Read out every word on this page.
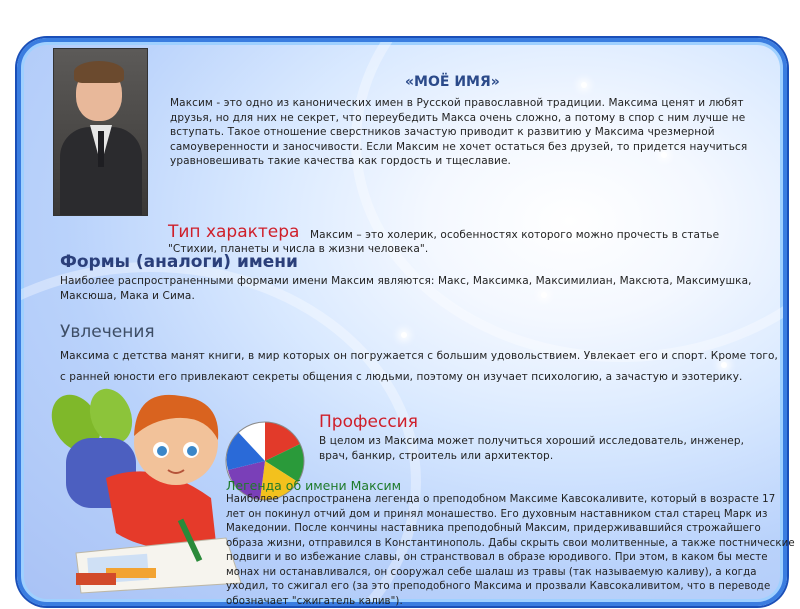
«МОЁ ИМЯ»
Максим - это одно из канонических имен в Русской православной традиции. Максима ценят и любят
друзья, но для них не секрет, что переубедить Макса очень сложно, а потому в спор с ним лучше не
вступать. Такое отношение сверстников зачастую приводит к развитию у Максима чрезмерной
самоуверенности и заносчивости. Если Максим не хочет остаться без друзей, то придется научиться
уравновешивать такие качества как гордость и тщеславие.
Тип характера Максим – это холерик, особенностях которого можно прочесть в статье
"Стихии, планеты и числа в жизни человека".
Формы (аналоги) имени
Наиболее распространенными формами имени Максим являются: Макс, Максимка, Максимилиан, Максюта, Максимушка,
Максюша, Мака и Сима.
Увлечения
Максима с детства манят книги, в мир которых он погружается с большим удовольствием. Увлекает его и спорт. Кроме того,
с ранней юности его привлекают секреты общения с людьми, поэтому он изучает психологию, а зачастую и эзотерику.
Профессия
В целом из Максима может получиться хороший исследователь, инженер,
врач, банкир, строитель или архитектор.
Легенда об имени Максим
Наиболее распространена легенда о преподобном Максиме Кавсокаливите, который в возрасте 17
лет он покинул отчий дом и принял монашество. Его духовным наставником стал старец Марк из
Македонии. После кончины наставника преподобный Максим, придерживавшийся строжайшего
образа жизни, отправился в Константинополь. Дабы скрыть свои молитвенные, а также постнические
подвиги и во избежание славы, он странствовал в образе юродивого. При этом, в каком бы месте
монах ни останавливался, он сооружал себе шалаш из травы (так называемую каливу), а когда
уходил, то сжигал его (за это преподобного Максима и прозвали Кавсокаливитом, что в переводе
обозначает "сжигатель калив").
